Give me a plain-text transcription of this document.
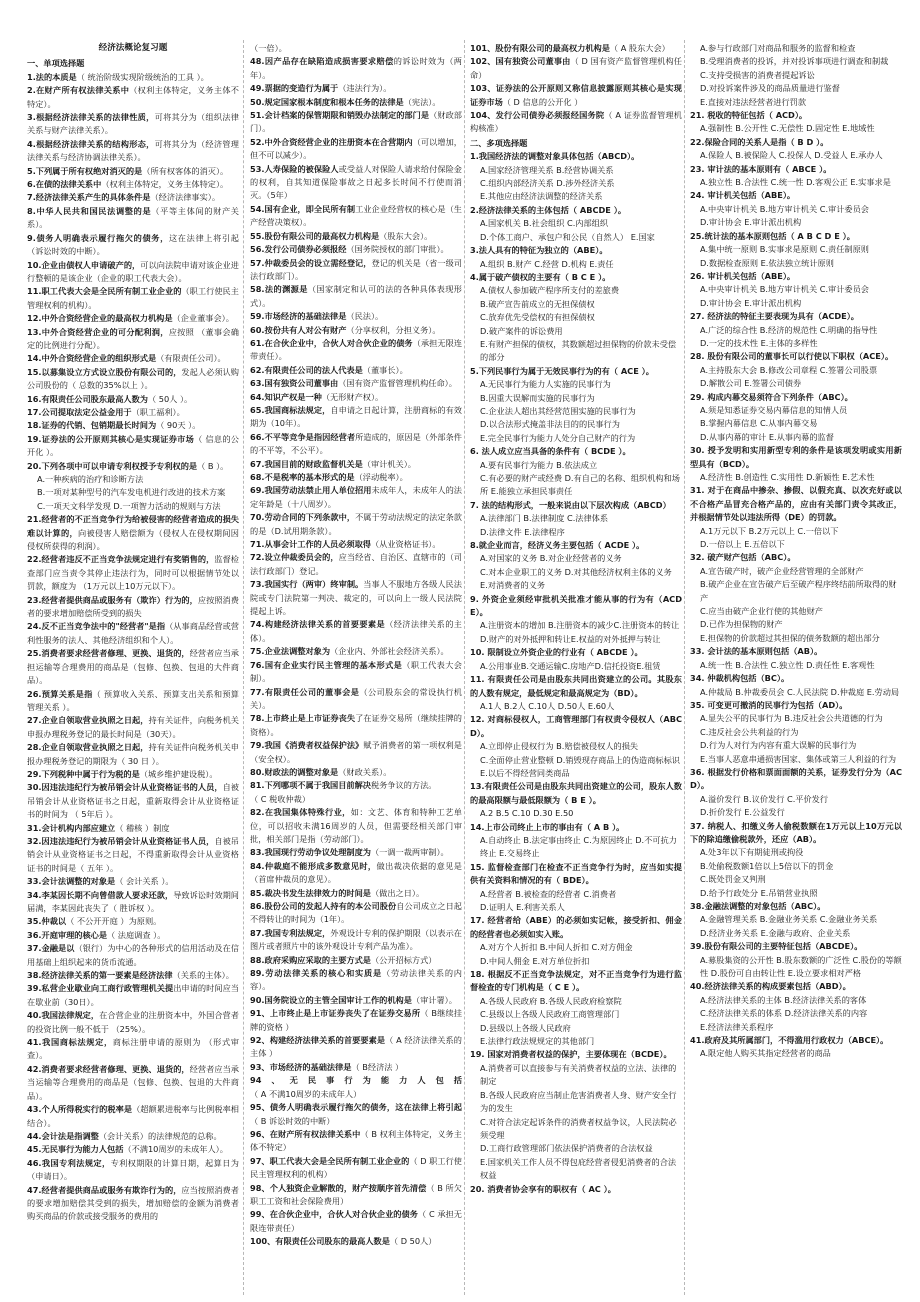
经济法概论复习题
一、单项选择题

1.法的本质是（ 统治阶级实现阶级统治的工具 ）。

2.在财产所有权法律关系中（权利主体特定，义务主体不特定）。

3.根据经济法律关系的法律性质，可将其分为（组织法律关系与财产法律关系）。

4.根据经济法律关系的结构形态，可将其分为（经济管理法律关系与经济协调法律关系）。

5.下列属于所有权绝对消灭的是（所有权客体的消灭）。

6.在债的法律关系中（权利主体特定，义务主体特定）。

7.经济法律关系产生的具体条件是（经济法律事实）。

8.中华人民共和国民法调整的是（平等主体间的财产关系）。

9.债务人明确表示履行拖欠的债务，这在法律上将引起（诉讼时效的中断）。

10.企业由债权人申请破产的，可以向法院申请对该企业进行整顿的是该企业（企业的职工代表大会）。

11.职工代表大会是全民所有制工业企业的（职工行使民主管理权利的机构）。

12.中外合资经营企业的最高权力机构是（企业董事会）。

13.中外合资经营企业的可分配利润，应按照 （董事会确定的比例进行分配）。

14.中外合资经营企业的组织形式是（有限责任公司）。

15.以募集设立方式设立股份有限公司的，发起人必须认购公司股份的（ 总数的35%以上 ）。

16.有限责任公司股东最高人数为（ 50人 ）。

17.公司提取法定公益金用于（职工福利）。

18.证券的代销、包销期最长时间为（ 90天 ）。

19.证券法的公开原则其核心是实现证券市场（ 信息的公开化 ）。

20.下列各项中可以申请专利权授予专利权的是（ B ）。

A.一种疾病的治疗和诊断方法

B.一项对某种型号的汽车发电机进行改进的技术方案

C.一项天文科学发现 D.一项智力活动的规则与方法

21.经营者的不正当竞争行为给被侵害的经营者造成的损失难以计算的，向被侵害人赔偿额为（侵权人在侵权期间因侵权所获得的利润）。

22.经营者违反不正当竞争法规定进行有奖销售的，监督检查部门应当责令其停止违法行为，同时可以根据情节处以罚款，额度为 （1万元以上10万元以下）。

23.经营者提供商品或服务有（欺诈）行为的，应按照消费者的要求增加赔偿所受到的损失

24.反不正当竞争法中的"经营者"是指（从事商品经营或营利性服务的法人、其他经济组织和个人）。

25.消费者要求经营者修理、更换、退货的，经营者应当承担运输等合理费用的商品是（包修、包换、包退的大件商品）。

26.预算关系是指（ 预算收入关系、预算支出关系和预算管理关系 ）。

27.企业自领取营业执照之日起，持有关证件，向税务机关申报办理税务登记的最长时间是（30天）。

28.企业自领取营业执照之日起，持有关证件向税务机关申报办理税务登记的期限为（ 30 日 ）。

29.下列税种中属于行为税的是（城乡维护建设税）。

30.因违法违纪行为被吊销会计从业资格证书的人员，自被吊销会计从业资格证书之日起，重新取得会计从业资格证书的时间为 （ 5年后 ）。

31.会计机构内部应建立（ 稽核 ）制度

32.因违法违纪行为被吊销会计从业资格证书人员，自被吊销会计从业资格证书之日起，不得重新取得会计从业资格证书的时间是（ 五年 ）。

33.会计法调整的对象是（ 会计关系 ）。

34.李某因长期不向曾借款人要求还款，导致诉讼时效期间届满，李某因此丧失了（ 胜诉权 ）。

35.仲裁以（ 不公开开庭 ）为原则。

36.开庭审理的核心是（ 法庭调查 ）。

37.金融是以（银行）为中心的各种形式的信用活动及在信用基础上组织起来的货币流通。

38.经济法律关系的第一要素是经济法律（关系的主体）。

39.私营企业歇业向工商行政管理机关提出申请的时间应当在歇业前（30日）。

40.我国法律规定，在合营企业的注册资本中，外国合营者的投资比例一般不低于 （25%）。

41.我国商标法规定，商标注册申请的原则为 （形式审查）。

42.消费者要求经营者修理、更换、退货的，经营者应当承当运输等合理费用的商品是（包修、包换、包退的大件商品）。

43.个人所得税实行的税率是（超额累进税率与比例税率相结合）。

44.会计法是指调整（会计关系）的法律规范的总称。

45.无民事行为能力人包括（不满10周岁的未成年人）。

46.我国专利法规定，专利权期限的计算日期，起算日为 （申请日）。

47.经营者提供商品或服务有欺诈行为的，应当按照消费者的要求增加赔偿其受到的损失，增加赔偿的金额为消费者购买商品的价款或接受服务的费用的

（一倍）。

48.因产品存在缺陷造成损害要求赔偿的诉讼时效为（两年）。

49.票据的变造行为属于（违法行为）。

50.规定国家根本制度和根本任务的法律是（宪法）。

51.会计档案的保管期限和销毁办法制定的部门是（财政部门）。

52.中外合资经营企业的注册资本在合营期内（可以增加，但不可以减少）。

53.人寿保险的被保险人或受益人对保险人请求给付保险金的权利，自其知道保险事故之日起多长时间不行使而消灭。（5年）

54.国有企业，即全民所有制工业企业经营权的核心是（生产经营决策权）。

55.股份有限公司的最高权力机构是（股东大会）。

56.发行公司债券必须报经（国务院授权的部门审批）。

57.仲裁委员会的设立需经登记，登记的机关是（省一级司法行政部门）。

58.法的渊源是（国家制定和认可的法的各种具体表现形式）。

59.市场经济的基础法律是（民法）。

60.按份共有人对公有财产（分享权利，分担义务）。

61.在合伙企业中，合伙人对合伙企业的债务（承担无限连带责任）。

62.有限责任公司的法人代表是（董事长）。

63.国有独资公司董事由（国有资产监督管理机构任命）。

64.知识产权是一种（无形财产权）。

65.我国商标法规定，自申请之日起计算，注册商标的有效期为（10年）。

66.不平等竞争是指因经营者所造成的，原因是（外部条件的不平等，不公平）。

67.我国目前的财政监督机关是（审计机关）。

68.不是税率的基本形式的是（浮动税率）。

69.我国劳动法禁止用人单位招用未成年人，未成年人的法定年龄是（十八周岁）。

70.劳动合同的下列条款中，不属于劳动法规定的法定条款的是（D.试用期条款）。

71.从事会计工作的人员必须取得（从业资格证书）。

72.设立仲裁委员会的，应当经省、自治区、直辖市的（司法行政部门）登记。

73.我国实行（两审）终审制。当事人不服地方各级人民法院或专门法院第一判决、裁定的，可以向上一级人民法院提起上诉。

74.构建经济法律关系的首要要素是（经济法律关系的主体）。

75.企业法调整对象为（企业内、外部社会经济关系）。

76.国有企业实行民主管理的基本形式是（职工代表大会制）。

77.有限责任公司的董事会是（公司股东会的常设执行机关）。

78.上市終止是上市证券丧失了在证券交易所（继续挂牌的资格）。

79.我国《消费者权益保护法》赋予消费者的第一项权利是（安全权）。

80.财政法的调整对象是（财政关系）。

81.下列哪项不属于我国目前解决税务争议的方法。

（ C 税收仲裁）

82.在我国集体特殊行业，如：文艺、体育和特种工艺单位，可以招收未满16周岁的人员，但需要经相关部门审批，相关部门是指（劳动部门）。

83.我国现行劳动争议处理制度为（一调一裁两审制）。

84.仲裁庭不能形成多数意见时，做出裁决依据的意见是（首席仲裁员的意见）。

85.裁决书发生法律效力的时间是（做出之日）。

86.股份公司的发起人持有的本公司股份自公司成立之日起不得转让的时间为（1年）。

87.我国专利法规定，外观设计专利的保护期限（以表示在图片或者照片中的该外观设计专利产品为准）。

88.政府采购应采取的主要方式是（公开招标方式）

89.劳动法律关系的核心和实质是（劳动法律关系的内容）。

90.国务院设立的主管全国审计工作的机构是（审计署）。

91、上市终止是上市证券丧失了在证券交易所（ B继续挂牌的资格 ）

92、构建经济法律关系的首要要素是（ A 经济法律关系的主体 ）

93、市场经济的基础法律是（ B经济法 ）

94、无民事行为能力人包括（ A 不满10周岁的未成年人）

95、债务人明确表示履行拖欠的债务，这在法律上将引起（ B 诉讼时效的中断）

96、在财产所有权法律关系中（ B 权利主体特定，义务主体不特定）

97、职工代表大会是全民所有制工业企业的（ D 职工行使民主管理权利的机构）

98、个人独资企业解散的，财产按顺序首先清偿（ B 所欠职工工资和社会保险费用）

99、在合伙企业中，合伙人对合伙企业的债务（ C 承担无限连带责任）

100、有限责任公司股东的最高人数是（ D 50人）

101、股份有限公司的最高权力机构是（ A 股东大会）

102、国有独资公司董事由（ D 国有资产监督管理机构任命）

103、证券法的公开原则又称信息披露原则其核心是实现证券市场（ D 信息的公开化 ）

104、发行公司债券必须报经国务院（ A 证券监督管理机构核准）

二、多项选择题

1.我国经济法的调整对象具体包括（ABCD）。

A.国家经济管理关系 B.经营协调关系

C.组织内部经济关系 D.涉外经济关系

E.其他应由经济法调整的经济关系

2.经济法律关系的主体包括（ ABCDE ）。

A.国家机关 B.社会组织 C.内部组织

D.个体工商户、承包户和公民（自然人） E.国家

3.法人具有的特征为独立的（ABE）。

A.组织 B.财产 C.经营 D.机构 E.责任

4.属于破产债权的主要有（ B C E ）。

A.债权人参加破产程序所支付的差旅费

B.破产宣告前成立的无担保债权

C.放弃优先受偿权的有担保债权

D.破产案件的诉讼费用

E.有财产担保的债权，其数额超过担保物的价款未受偿的部分

5.下列民事行为属于无效民事行为的有（ ACE ）。

A.无民事行为能力人实施的民事行为

B.因重大误解而实施的民事行为

C.企业法人超出其经营范围实施的民事行为

D.以合法形式掩盖非法目的的民事行为

E.完全民事行为能力人处分自己财产的行为

6. 法人成立应当具备的条件有（ BCDE ）。

A.要有民事行为能力 B.依法成立

C.有必要的财产或经费 D.有自己的名称、组织机构和场所 E.能独立承担民事责任

7. 法的结构形式，一般来说由以下层次构成（ABCD）

A.法律部门 B.法律制度 C.法律体系

D.法律文件 E.法律程序

8.就企业而言，经济义务主要包括（ ACDE ）。

A.对国家的义务 B.对企业经营者的义务

C.对本企业职工的义务 D.对其他经济权利主体的义务

E.对消费者的义务

9. 外资企业须经审批机关批准才能从事的行为有（ACDE）。

A.注册资本的增加 B.注册资本的减少C.注册资本的转让D.财产的对外抵押和转让E.权益的对外抵押与转让

10. 限制设立外资企业的行业有（ ABCDE ）。

A.公用事业B.交通运输C.房地产D.信托投资E.租赁

11. 有限责任公司是由股东共同出资建立的公司。其股东的人数有规定，最低规定和最高规定为（BD）。

A.1人 B.2人 C.10人 D.50人 E.60人

12. 对商标侵权人，工商管理部门有权责令侵权人（ABCD）。

A.立即停止侵权行为 B.赔偿被侵权人的损失

C.全面停止营业整顿 D.销毁现存商品上的伪造商标标识 E.以后不得经营同类商品

13.有限责任公司是由股东共同出资建立的公司，股东人数的最高限额与最低限额为（ B E ）。

A.2 B.5 C.10 D.30 E.50

14.上市公司终止上市的事由有（ A B ）。

A.自动终止 B.法定事由终止 C.为原因终止 D.不可抗力终止 E.交易终止

15. 监督检查部门在检查不正当竞争行为时，应当如实提供有关资料和情况的有（ BDE）。

A.经营者 B.被检查的经营者 C.消费者

D.证明人 E.利害关系人

17. 经营者给（ABE）的必须如实记帐，接受折扣、佣金的经营者也必须如实入账。

A.对方个人折扣 B.中间人折扣 C.对方佣金

D.中间人佣金 E.对方单位折扣

18. 根据反不正当竞争法规定，对不正当竞争行为进行监督检查的专门机构是（ C E ）。

A.各级人民政府 B.各级人民政府检察院

C.县级以上各级人民政府工商管理部门

D.县级以上各级人民政府

E.法律行政法规规定的其他部门

19. 国家对消费者权益的保护，主要体现在（BCDE）。

A.消费者可以直接参与有关消费者权益的立法、法律的制定

B.各级人民政府应当制止危害消费者人身、财产安全行为的发生

C.对符合法定起诉条件的消费者权益争议，人民法院必须受理

D.工商行政管理部门依法保护消费者的合法权益

E.国家机关工作人员不得包庇经营者侵犯消费者的合法权益

20. 消费者协会享有的职权有（ AC ）。

A.参与行政部门对商品和服务的监督和检查

B.受理消费者的投诉，并对投诉事项进行调查和制裁

C.支持受损害的消费者提起诉讼

D.对投诉案件涉及的商品质量进行鉴督

E.直接对违法经营者进行罚款

21. 税收的特征包括（ ACD）。

A.强制性 B.公开性 C.无偿性 D.固定性 E.地域性

22.保险合同的关系人是指（ B D ）。

A.保险人 B.被保险人 C.投保人 D.受益人 E.承办人

23. 审计法的基本原则有（ ABCE ）。

A.独立性 B.合法性 C.统一性 D.客观公正 E.实事求是

24. 审计机关包括（ABE）。

A.中央审计机关 B.地方审计机关 C.审计委员会

D.审计协会 E.审计派出机构

25.统计法的基本原则包括（ A B C D E ）。

A.集中统一原则 B.实事求是原则 C.责任制原则

D.数据检查原则 E.依法独立统计原则

26. 审计机关包括（ABE）。

A.中央审计机关 B.地方审计机关 C.审计委员会

D.审计协会 E.审计派出机构

27. 经济法的特征主要表现为具有（ACDE）。

A.广泛的综合性 B.经济的规范性 C.明确的指导性

D.一定的技术性 E.主体的多样性

28. 股份有限公司的董事长可以行使以下职权（ACE）。

A.主持股东大会 B.修改公司章程 C.签署公司股票

D.解散公司 E.签署公司债券

29. 构成内幕交易须符合下列条件（ABC）。

A.须是知悉证券交易内幕信息的知情人员

B.掌握内幕信息 C.从事内幕交易

D.从事内幕的审计 E.从事内幕的监督

30. 授予发明和实用新型专利的条件是该项发明或实用新型具有（BCD）。

A.经济性 B.创造性 C.实用性 D.新颖性 E.艺术性

31. 对于在商品中掺杂、掺假、以假充真、以次充好或以不合格产品冒充合格产品的，应由有关部门责令其改正，并根据情节处以违法所得（DE）的罚款。

A.1万元以下 B.2万元以上 C.一倍以下

D.一倍以上 E.五倍以下

32. 破产财产包括（ABC）。

A.宣告破产时，破产企业经营管理的全部财产

B.破产企业在宣告破产后至破产程序终结前所取得的财产

C.应当由破产企业行使的其他财产

D.已作为担保物的财产

E.担保物的价款超过其担保的债务数额的超出部分

33. 会计法的基本原则包括（AB）。

A.统一性 B.合法性 C.独立性 D.责任性 E.客观性

34. 仲裁机构包括（BC）。

A.仲裁局 B.仲裁委员会 C.人民法院 D.仲裁庭 E.劳动局

35. 可变更可撤消的民事行为包括（AD）。

A.显失公平的民事行为 B.违反社会公共道德的行为

C.违反社会公共利益的行为

D.行为人对行为内容有重大误解的民事行为

E.当事人恶意串通损害国家、集体或第三人利益的行为

36. 根据发行价格和票面面额的关系，证券发行分为（ACD）。

A.溢价发行 B.议价发行 C.平价发行

D.折价发行 E.公益发行

37. 纳税人、扣缴义务人偷税数额在1万元以上10万元以下的除追缴偷税款外，还应（AB）。

A.处3年以下有期徒刑或拘役

B.处偷税数额1倍以上5倍以下的罚金

C.既处罚金又判刑

D.给予行政处分 E.吊销营业执照

38.金融法调整的对象包括（ABC）。

A.金融管理关系 B.金融业务关系 C.金融业务关系

D.经济业务关系 E.金融与政府、企业关系

39.股份有限公司的主要特征包括（ABCDE）。

A.募股集资的公开性 B.股东数额的广泛性 C.股份的等额性 D.股份可自由转让性 E.设立要求相对严格

40.经济法律关系的构成要素包括（ABD）。

A.经济法律关系的主体 B.经济法律关系的客体

C.经济法律关系的体系 D.经济法律关系的内容

E.经济法律关系程序

41.政府及其所属部门，不得滥用行政权力（ABCE）。

A.限定他人购买其指定经营者的商品
